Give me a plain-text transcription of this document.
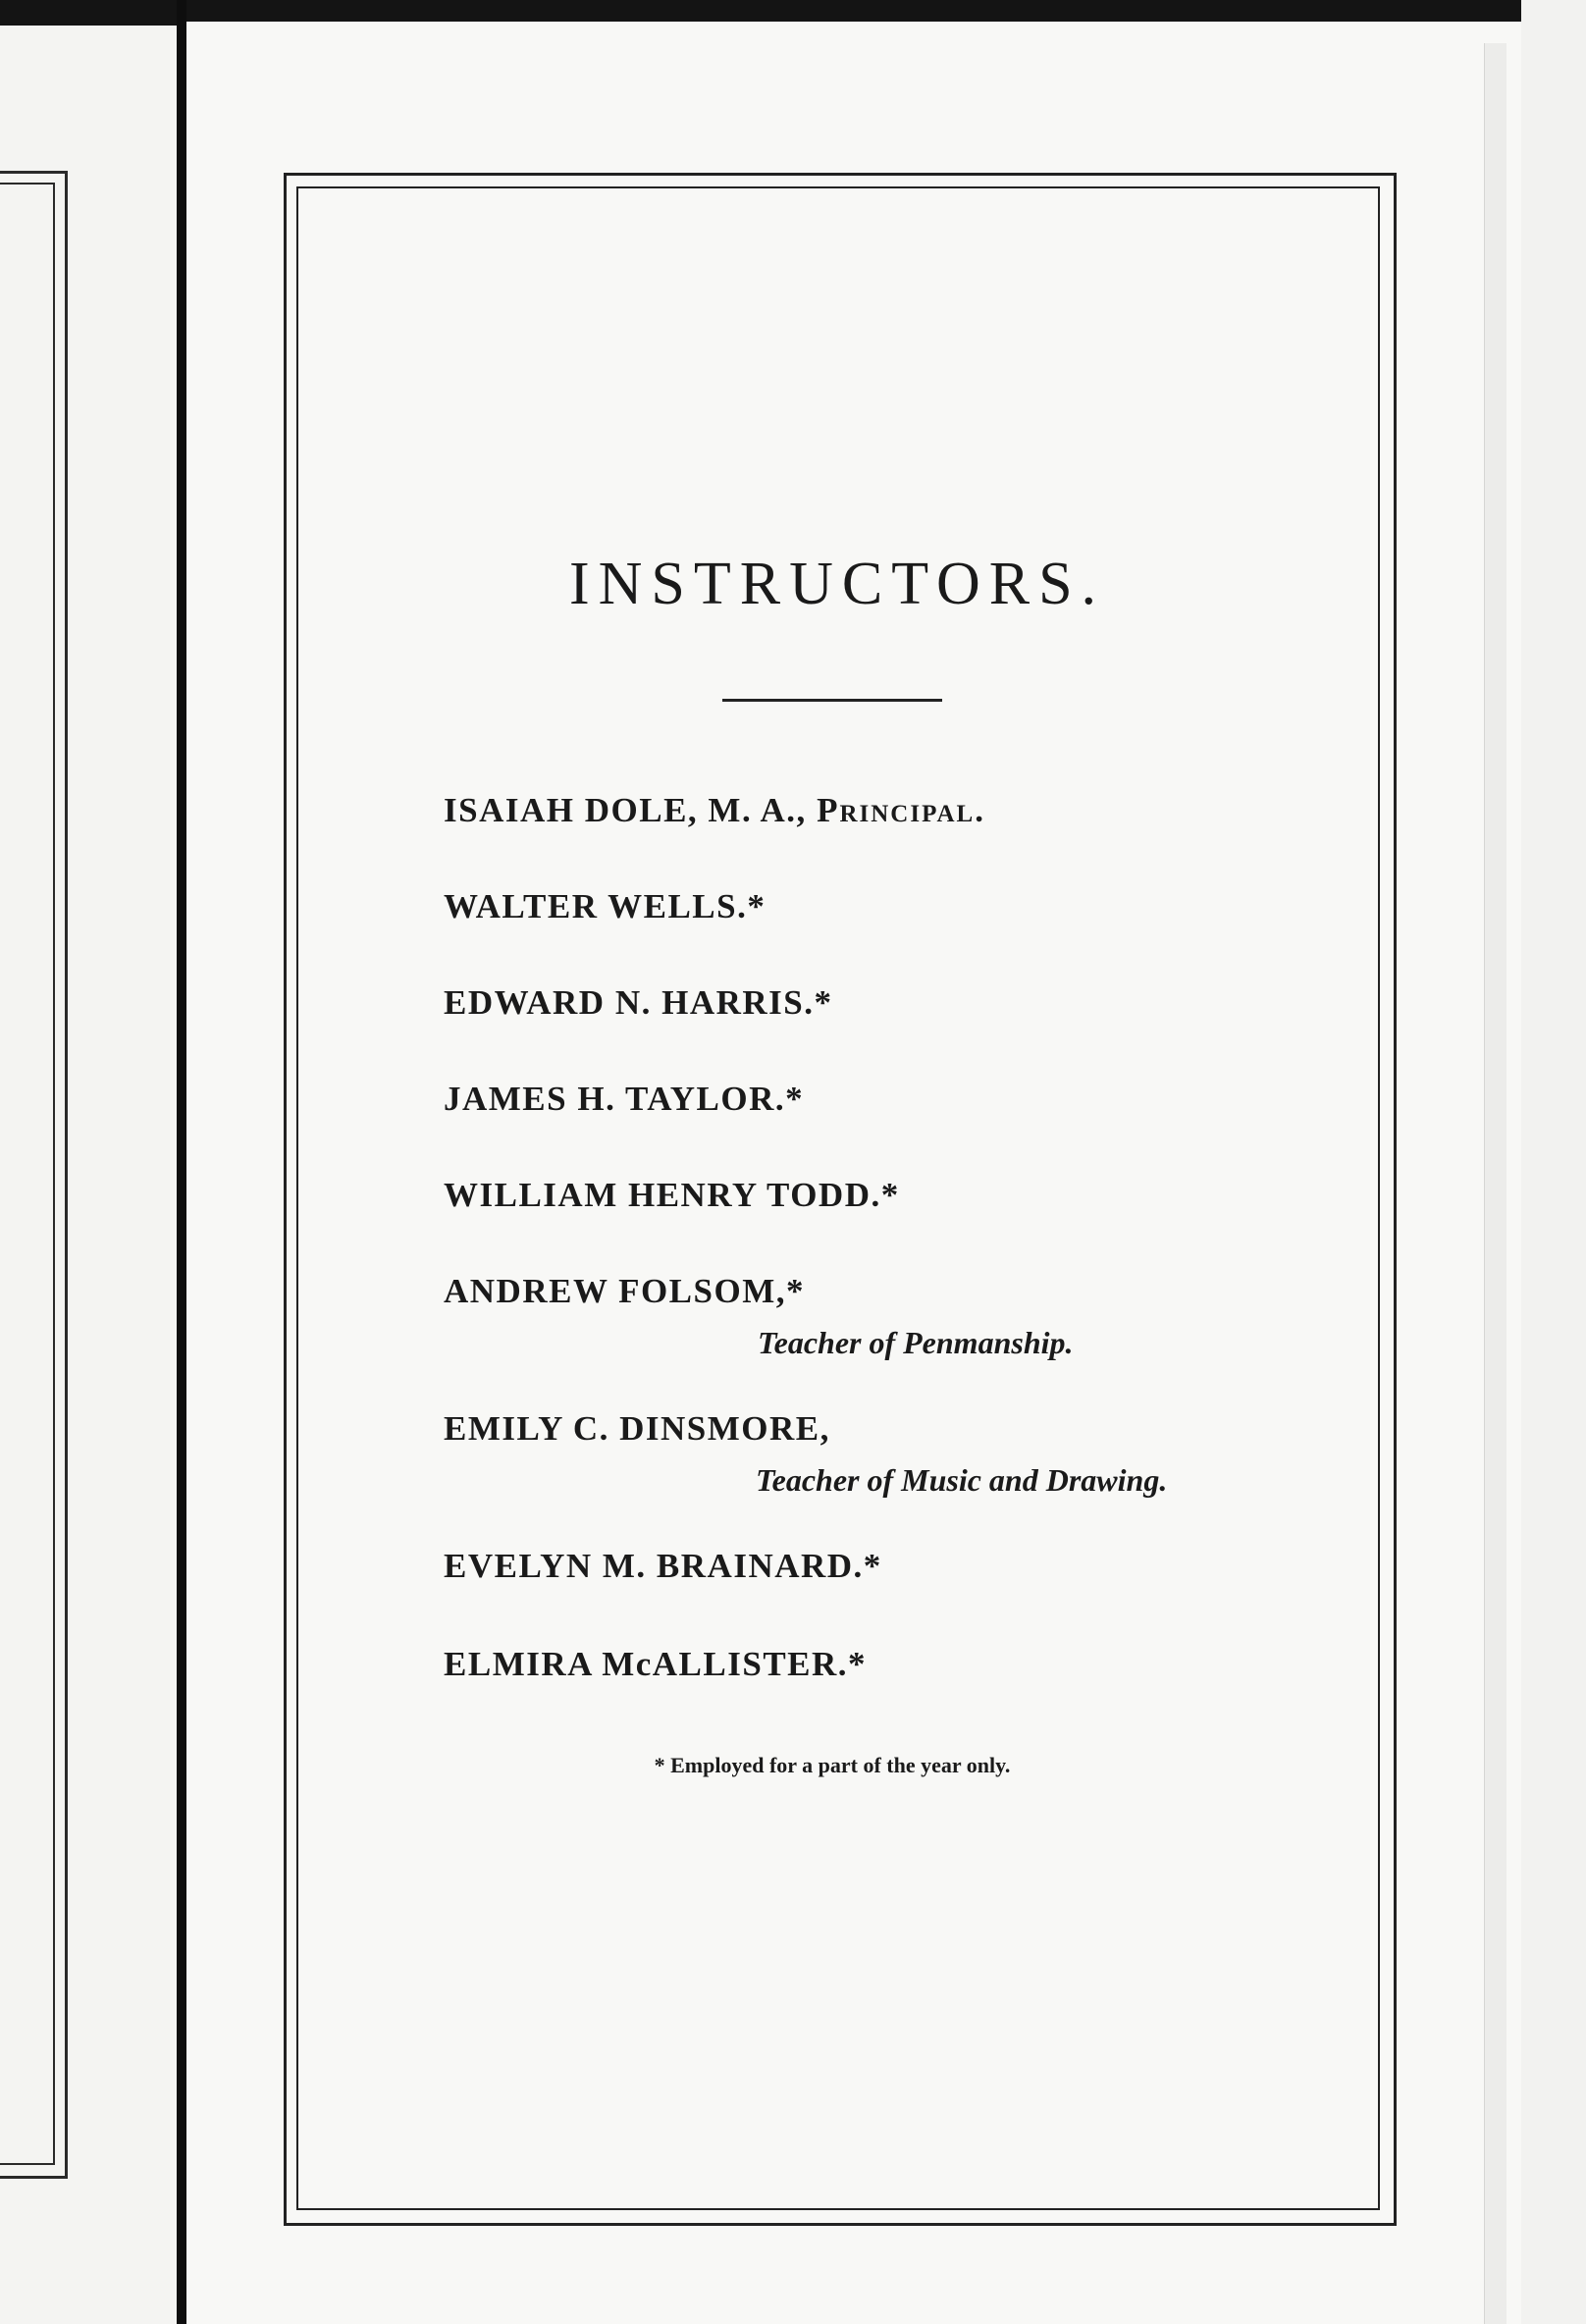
INSTRUCTORS.
ISAIAH DOLE, M. A., Principal.
WALTER WELLS.*
EDWARD N. HARRIS.*
JAMES H. TAYLOR.*
WILLIAM HENRY TODD.*
ANDREW FOLSOM,*
Teacher of Penmanship.
EMILY C. DINSMORE,
Teacher of Music and Drawing.
EVELYN M. BRAINARD.*
ELMIRA McALLISTER.*
* Employed for a part of the year only.
